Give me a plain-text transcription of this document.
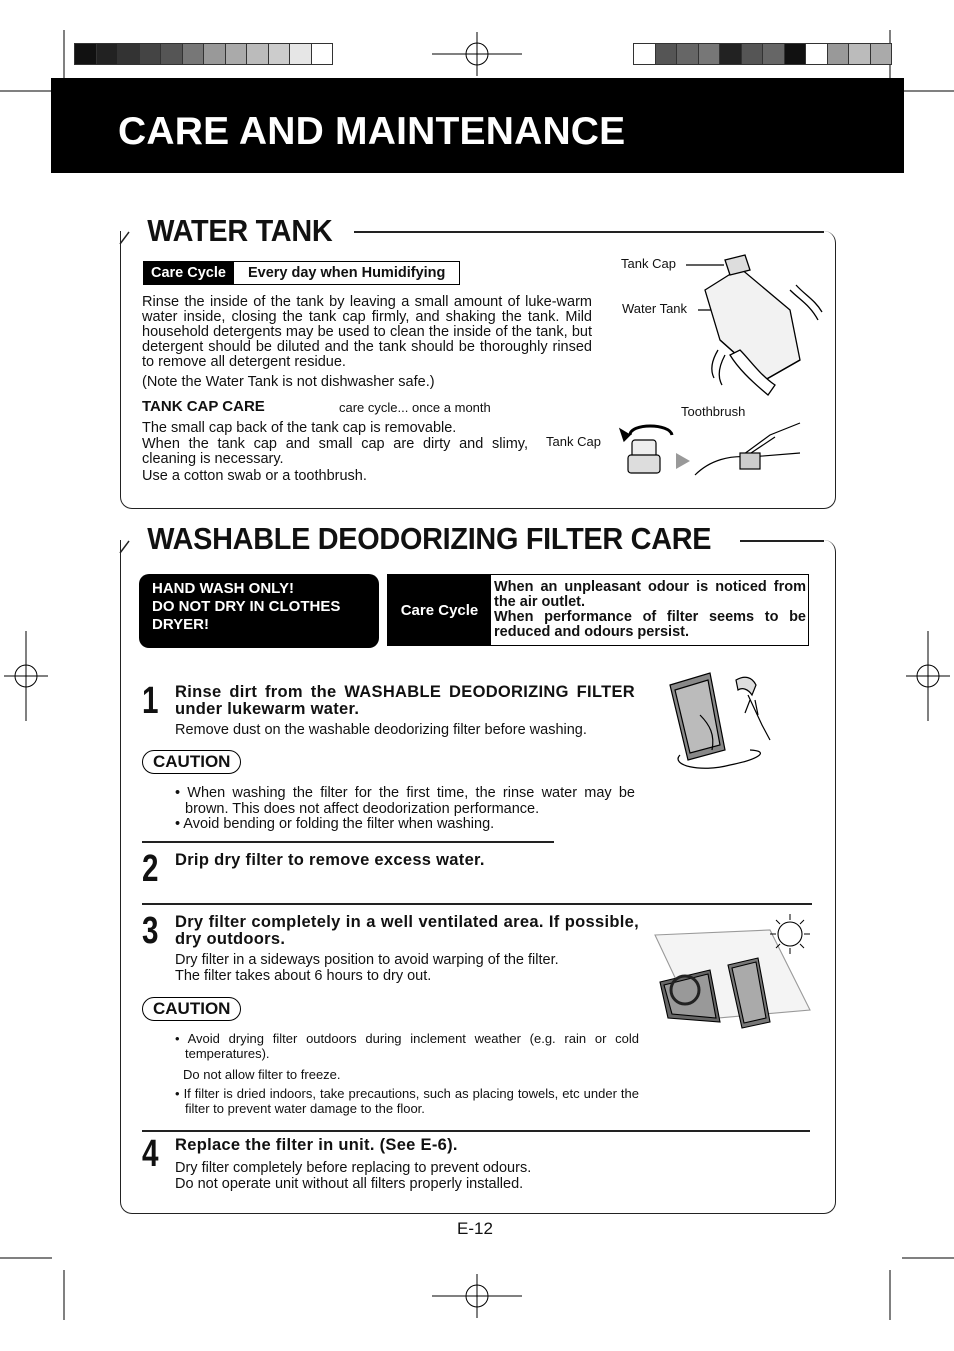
CARE AND MAINTENANCE
WATER TANK
Care Cycle	Every day when Humidifying
Rinse the inside of the tank by leaving a small amount of luke-warm water inside, closing the tank cap firmly, and shaking the tank. Mild household detergents may be used to clean the inside of the tank, but detergent should be diluted and the tank should be thoroughly rinsed to remove all detergent residue.
(Note the Water Tank is not dishwasher safe.)
TANK CAP CARE	care cycle... once a month
The small cap back of the tank cap is removable.
When the tank cap and small cap are dirty and slimy, cleaning is necessary.
Use a cotton swab or a toothbrush.
Tank Cap
Water Tank
Toothbrush
Tank Cap
WASHABLE DEODORIZING FILTER CARE
HAND WASH ONLY!
DO NOT DRY IN CLOTHES
DRYER!
Care Cycle
When an unpleasant odour is noticed from the air outlet.
When performance of filter seems to be reduced and odours persist.
1 Rinse dirt from the WASHABLE DEODORIZING FILTER under lukewarm water.
Remove dust on the washable deodorizing filter before washing.
CAUTION
• When washing the filter for the first time, the rinse water may be brown. This does not affect deodorization performance.
• Avoid bending or folding the filter when washing.
2 Drip dry filter to remove excess water.
3 Dry filter completely in a well ventilated area. If possible, dry outdoors.
Dry filter in a sideways position to avoid warping of the filter.
The filter takes about 6 hours to dry out.
CAUTION
• Avoid drying filter outdoors during inclement weather (e.g. rain or cold temperatures).
Do not allow filter to freeze.
• If filter is dried indoors, take precautions, such as placing towels, etc under the filter to prevent water damage to the floor.
4 Replace the filter in unit. (See E-6).
Dry filter completely before replacing to prevent odours.
Do not operate unit without all filters properly installed.
E-12
